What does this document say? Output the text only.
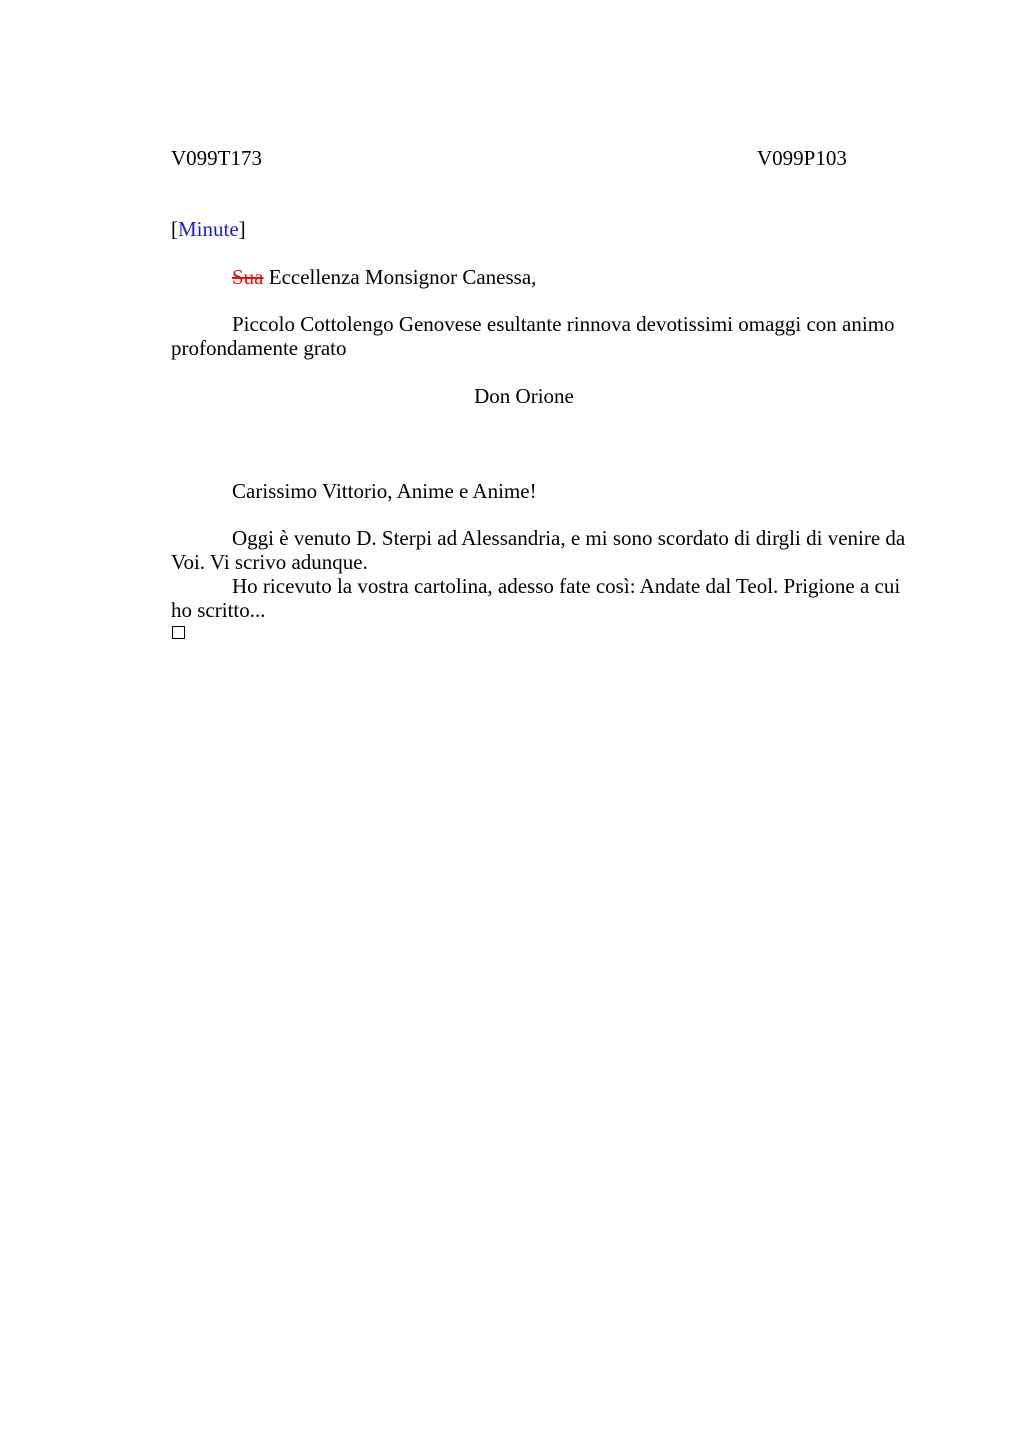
V099T173	V099P103
[Minute]

Sua Eccellenza Monsignor Canessa,

Piccolo Cottolengo Genovese esultante rinnova devotissimi omaggi con animo profondamente grato

Don Orione

Carissimo Vittorio, Anime e Anime!

Oggi è venuto D. Sterpi ad Alessandria, e mi sono scordato di dirgli di venire da Voi. Vi scrivo adunque.

Ho ricevuto la vostra cartolina, adesso fate così: Andate dal Teol. Prigione a cui ho scritto...
